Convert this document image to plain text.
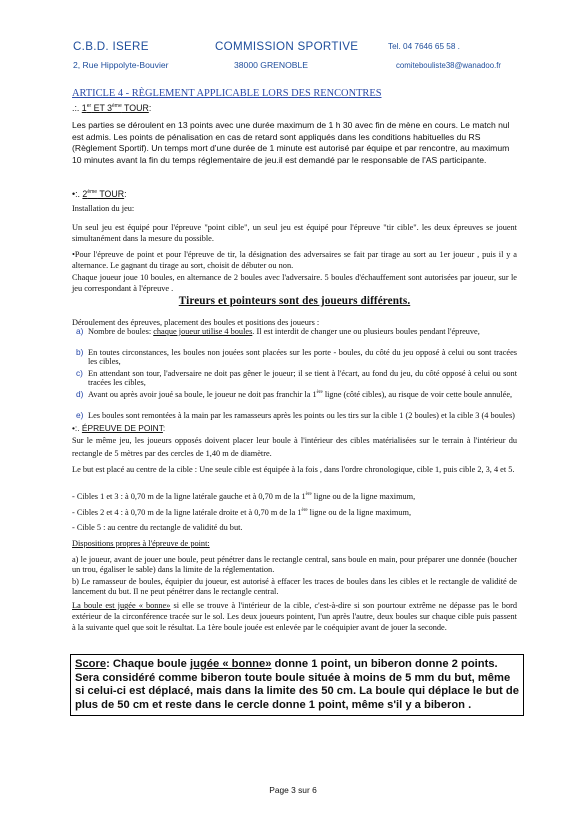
C.B.D. ISERE	COMMISSION SPORTIVE	Tel. 04 7646 65 58 .
2, Rue Hippolyte-Bouvier	38000 GRENOBLE	comitebouliste38@wanadoo.fr
ARTICLE 4 - RÈGLEMENT APPLICABLE LORS DES RENCONTRES
.:. 1er ET 3ème TOUR:

Les parties se déroulent en 13 points avec une durée maximum de 1 h 30 avec fin de mène en cours. Le match nul est admis. Les points de pénalisation en cas de retard sont appliqués dans les conditions habituelles du RS (Règlement Sportif). Un temps mort d'une durée de 1 minute est autorisé par équipe et par rencontre, au maximum 10 minutes avant la fin du temps réglementaire de jeu.il est demandé par le responsable de l'AS participante.

•:. 2ème TOUR:

Installation du jeu:

Un seul jeu est équipé pour l'épreuve "point cible", un seul jeu est équipé pour l'épreuve "tir cible". les deux épreuves se jouent simultanément dans la mesure du possible.

•Pour l'épreuve de point et pour l'épreuve de tir, la désignation des adversaires se fait par tirage au sort au 1er joueur , puis il y a alternance. Le gagnant du tirage au sort, choisit de débuter ou non.

Chaque joueur joue 10 boules, en alternance de 2 boules avec l'adversaire. 5 boules d'échauffement sont autorisées par joueur, sur le jeu correspondant à l'épreuve .

Tireurs et pointeurs sont des joueurs différents.

Déroulement des épreuves, placement des boules et positions des joueurs :

a) Nombre de boules: chaque joueur utilise 4 boules. Il est interdit de changer une ou plusieurs boules pendant l'épreuve,
b) En toutes circonstances, les boules non jouées sont placées sur les porte - boules, du côté du jeu opposé à celui ou sont tracées les cibles,
c) En attendant son tour, l'adversaire ne doit pas gêner le joueur; il se tient à l'écart, au fond du jeu, du côté opposé à celui ou sont tracées les cibles,
d) Avant ou après avoir joué sa boule, le joueur ne doit pas franchir la 1ère ligne (côté cibles), au risque de voir cette boule annulée,
e) Les boules sont remontées à la main par les ramasseurs après les points ou les tirs sur la cible 1 (2 boules) et la cible 3 (4 boules)
•:. ÉPREUVE DE POINT:

Sur le même jeu, les joueurs opposés doivent placer leur boule à l'intérieur des cibles matérialisées sur le terrain à l'intérieur du rectangle de 5 mètres par des cercles de 1,40 m de diamètre.

Le but est placé au centre de la cible : Une seule cible est équipée à la fois , dans l'ordre chronologique, cible 1, puis cible 2, 3, 4 et 5.

- Cibles 1 et 3 : à 0,70 m de la ligne latérale gauche et à 0,70 m de la 1ère ligne ou de la ligne maximum,
- Cibles 2 et 4 : à 0,70 m de la ligne latérale droite et à 0,70 m de la 1ère ligne ou de la ligne maximum,
- Cible 5 : au centre du rectangle de validité du but.
Dispositions propres à l'épreuve de point:

a) le joueur, avant de jouer une boule, peut pénétrer dans le rectangle central, sans boule en main, pour préparer une donnée (boucher un trou, égaliser le sable) dans la limite de la réglementation.

b) Le ramasseur de boules, équipier du joueur, est autorisé à effacer les traces de boules dans les cibles et le rectangle de validité de lancement du but. Il ne peut pénétrer dans le rectangle central.

La boule est jugée « bonne» si elle se trouve à l'intérieur de la cible, c'est-à-dire si son pourtour extrême ne dépasse pas le bord extérieur de la circonférence tracée sur le sol. Les deux joueurs pointent, l'un après l'autre, deux boules sur chaque cible puis passent à la suivante quel que soit le résultat. La 1ère boule jouée est enlevée par le coéquipier avant de jouer la seconde.
Score: Chaque boule jugée « bonne» donne 1 point, un biberon donne 2 points. Sera considéré comme biberon toute boule située à moins de 5 mm du but, même si celui-ci est déplacé, mais dans la limite des 50 cm. La boule qui déplace le but de plus de 50 cm et reste dans le cercle donne 1 point, même s'il y a biberon .
Page 3 sur 6
